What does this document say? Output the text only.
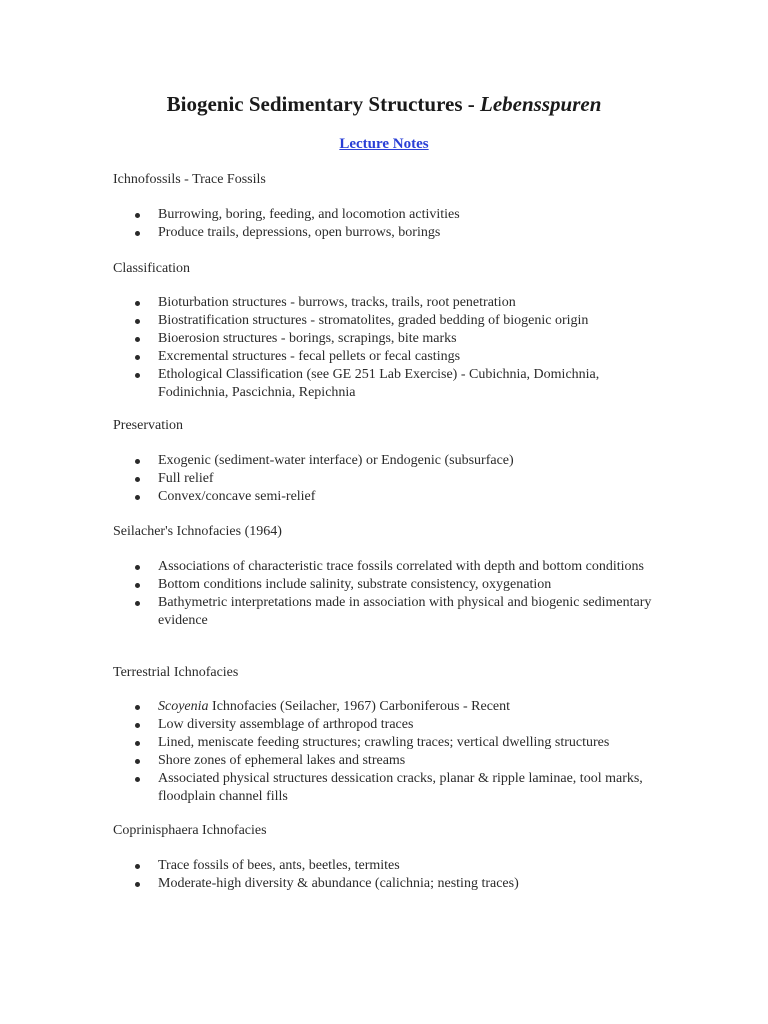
Biogenic Sedimentary Structures - Lebensspuren
Lecture Notes
Ichnofossils - Trace Fossils
Burrowing, boring, feeding, and locomotion activities
Produce trails, depressions, open burrows, borings
Classification
Bioturbation structures - burrows, tracks, trails, root penetration
Biostratification structures - stromatolites, graded bedding of biogenic origin
Bioerosion structures - borings, scrapings, bite marks
Excremental structures - fecal pellets or fecal castings
Ethological Classification (see GE 251 Lab Exercise) - Cubichnia, Domichnia, Fodinichnia, Pascichnia, Repichnia
Preservation
Exogenic (sediment-water interface) or Endogenic (subsurface)
Full relief
Convex/concave semi-relief
Seilacher's Ichnofacies (1964)
Associations of characteristic trace fossils correlated with depth and bottom conditions
Bottom conditions include salinity, substrate consistency, oxygenation
Bathymetric interpretations made in association with physical and biogenic sedimentary evidence
Terrestrial Ichnofacies
Scoyenia Ichnofacies (Seilacher, 1967) Carboniferous - Recent
Low diversity assemblage of arthropod traces
Lined, meniscate feeding structures; crawling traces; vertical dwelling structures
Shore zones of ephemeral lakes and streams
Associated physical structures dessication cracks, planar & ripple laminae, tool marks, floodplain channel fills
Coprinisphaera Ichnofacies
Trace fossils of bees, ants, beetles, termites
Moderate-high diversity & abundance (calichnia; nesting traces)
